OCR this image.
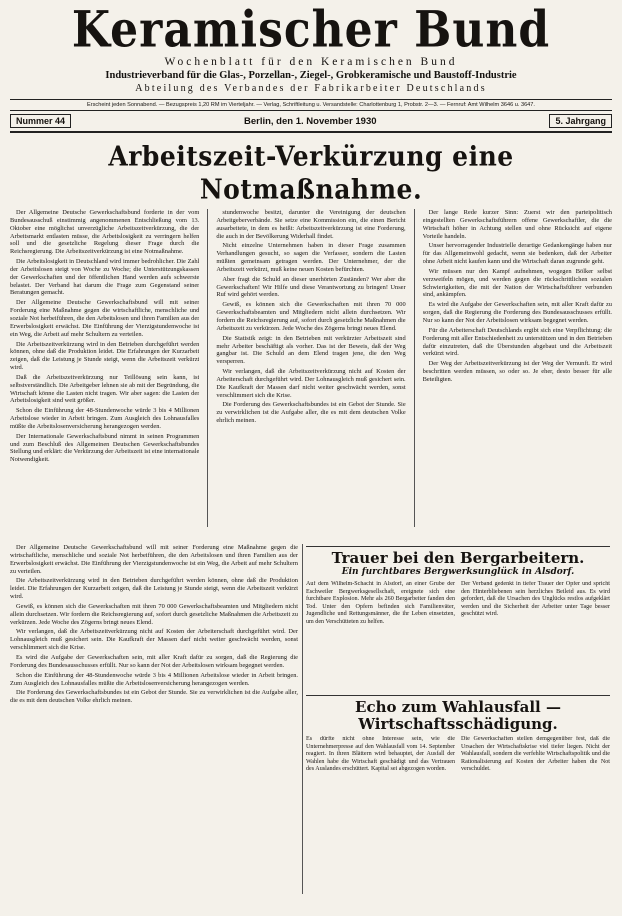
Keramischer Bund
Wochenblatt für den Keramischen Bund
Industrieverband für die Glas-, Porzellan-, Ziegel-, Grobkeramische und Baustoff-Industrie
Abteilung des Verbandes der Fabrikarbeiter Deutschlands
Erscheint jeden Sonnabend. — Bezugspreis 1,20 RM im Vierteljahr. — Verlag, Schriftleitung u. Versandstelle: Charlottenburg 1, Probstr. 2—3. — Fernruf: Amt Wilhelm 3646 u. 3647.
Nummer 44	Berlin, den 1. November 1930	5. Jahrgang
Arbeitszeit-Verkürzung eine Notmaßnahme.

Der Allgemeine Deutsche Gewerkschaftsbund forderte in der vom Bundesausschuß einstimmig angenommenen Entschließung vom 13. Oktober eine möglichst unverzügliche Arbeitszeitverkürzung, die der Arbeitsmarkt entlasten müsse, die Arbeitslosigkeit zu verringern helfen soll und die gesetzliche Regelung dieser Frage durch die Reichsregierung. Die Arbeitszeitverkürzung ist eine Notmaßnahme.

Die Arbeitslosigkeit in Deutschland wird immer bedrohlicher. Die Zahl der Arbeitslosen steigt von Woche zu Woche; die Unterstützungskassen der Gewerkschaften und der öffentlichen Hand werden aufs schwerste belastet. Der Verband hat darum die Frage zum Gegenstand seiner Beratungen gemacht.

Der Allgemeine Deutsche Gewerkschaftsbund will mit seiner Forderung eine Maßnahme gegen die wirtschaftliche, menschliche und soziale Not herbeiführen, die den Arbeitslosen und ihren Familien aus der Erwerbslosigkeit erwächst. Die Einführung der Vierzigstundenwoche ist ein Weg, die Arbeit auf mehr Schultern zu verteilen.

Die Arbeitszeitverkürzung wird in den Betrieben durchgeführt werden können, ohne daß die Produktion leidet. Die Erfahrungen der Kurzarbeit zeigen, daß die Leistung je Stunde steigt, wenn die Arbeitszeit verkürzt wird.

Daß die Arbeitszeitverkürzung nur Teillösung sein kann, ist selbstverständlich. Die Arbeitgeber lehnen sie ab mit der Begründung, die Wirtschaft könne die Lasten nicht tragen. Wir aber sagen: die Lasten der Arbeitslosigkeit sind weit größer.

Schon die Einführung der 48-Stundenwoche würde 3 bis 4 Millionen Arbeitslose wieder in Arbeit bringen. Zum Ausgleich des Lohnausfalles müßte die Arbeitslosenversicherung herangezogen werden.

Der Internationale Gewerkschaftsbund nimmt in seinen Programmen und zum Beschluß des Allgemeinen Deutschen Gewerkschaftsbundes Stellung und erklärt: die Verkürzung der Arbeitszeit ist eine internationale Notwendigkeit.

stundenwoche besitzt, darunter die Vereinigung der deutschen Arbeitgeberverbände. Sie setze eine Kommission ein, die einen Bericht ausarbeitete, in dem es heißt: Arbeitszeitverkürzung ist eine Forderung, die auch in der Bevölkerung Widerhall findet.

Nicht einzelne Unternehmen haben in dieser Frage zusammen Verhandlungen gesucht, so sagen die Verfasser, sondern die Lasten müßten gemeinsam getragen werden. Der Unternehmer, der die Arbeitszeit verkürzt, muß keine neuen Kosten befürchten.

Aber fragt die Schuld an dieser unerhörten Zuständen? Wer aber die Gewerkschaften! Wir Hilfe und diese Verantwortung zu bringen! Unser Ruf wird gehört werden.

Gewiß, es können sich die Gewerkschaften mit ihren 70 000 Gewerkschaftsbeamten und Mitgliedern nicht allein durchsetzen. Wir fordern die Reichsregierung auf, sofort durch gesetzliche Maßnahmen die Arbeitszeit zu verkürzen. Jede Woche des Zögerns bringt neues Elend.

Die Statistik zeigt: in den Betrieben mit verkürzter Arbeitszeit sind mehr Arbeiter beschäftigt als vorher. Das ist der Beweis, daß der Weg gangbar ist. Die Schuld an dem Elend tragen jene, die den Weg versperren.

Wir verlangen, daß die Arbeitszeitverkürzung nicht auf Kosten der Arbeiterschaft durchgeführt wird. Der Lohnausgleich muß gesichert sein. Die Kaufkraft der Massen darf nicht weiter geschwächt werden, sonst verschlimmert sich die Krise.

Die Forderung des Gewerkschaftsbundes ist ein Gebot der Stunde. Sie zu verwirklichen ist die Aufgabe aller, die es mit dem deutschen Volke ehrlich meinen.

Der lange Rede kurzer Sinn: Zuerst wir den parteipolitisch eingestellten Gewerkschaftsführern offene Gewerkschaftler, die die Wirtschaft höher in Achtung stellen und ohne Rücksicht auf eigene Vorteile handeln.

Unser hervorragender Industrielle derartige Gedankengänge haben nur für das Allgemeinwohl gedacht, wenn sie bedenken, daß der Arbeiter ohne Arbeit nicht kaufen kann und die Wirtschaft daran zugrunde geht.

Wir müssen nur den Kampf aufnehmen, wogegen Bölker selbst verzweifeln mögen, und werden gegen die rückschrittlichen sozialen Schwierigkeiten, die mit der Nation der Wirtschaftsführer verbunden sind, ankämpfen.

Es wird die Aufgabe der Gewerkschaften sein, mit aller Kraft dafür zu sorgen, daß die Regierung die Forderung des Bundesausschusses erfüllt. Nur so kann der Not der Arbeitslosen wirksam begegnet werden.

Für die Arbeiterschaft Deutschlands ergibt sich eine Verpflichtung: die Forderung mit aller Entschiedenheit zu unterstützen und in den Betrieben dafür einzutreten, daß die Überstunden abgebaut und die Arbeitszeit verkürzt wird.

Der Weg der Arbeitszeitverkürzung ist der Weg der Vernunft. Er wird beschritten werden müssen, so oder so. Je eher, desto besser für alle Beteiligten.

Der Allgemeine Deutsche Gewerkschaftsbund will mit seiner Forderung eine Maßnahme gegen die wirtschaftliche, menschliche und soziale Not herbeiführen, die den Arbeitslosen und ihren Familien aus der Erwerbslosigkeit erwächst. Die Einführung der Vierzigstundenwoche ist ein Weg, die Arbeit auf mehr Schultern zu verteilen.

Die Arbeitszeitverkürzung wird in den Betrieben durchgeführt werden können, ohne daß die Produktion leidet. Die Erfahrungen der Kurzarbeit zeigen, daß die Leistung je Stunde steigt, wenn die Arbeitszeit verkürzt wird.

Gewiß, es können sich die Gewerkschaften mit ihren 70 000 Gewerkschaftsbeamten und Mitgliedern nicht allein durchsetzen. Wir fordern die Reichsregierung auf, sofort durch gesetzliche Maßnahmen die Arbeitszeit zu verkürzen. Jede Woche des Zögerns bringt neues Elend.

Wir verlangen, daß die Arbeitszeitverkürzung nicht auf Kosten der Arbeiterschaft durchgeführt wird. Der Lohnausgleich muß gesichert sein. Die Kaufkraft der Massen darf nicht weiter geschwächt werden, sonst verschlimmert sich die Krise.

Es wird die Aufgabe der Gewerkschaften sein, mit aller Kraft dafür zu sorgen, daß die Regierung die Forderung des Bundesausschusses erfüllt. Nur so kann der Not der Arbeitslosen wirksam begegnet werden.

Schon die Einführung der 48-Stundenwoche würde 3 bis 4 Millionen Arbeitslose wieder in Arbeit bringen. Zum Ausgleich des Lohnausfalles müßte die Arbeitslosenversicherung herangezogen werden.

Die Forderung des Gewerkschaftsbundes ist ein Gebot der Stunde. Sie zu verwirklichen ist die Aufgabe aller, die es mit dem deutschen Volke ehrlich meinen.

Trauer bei den Bergarbeitern.
Ein furchtbares Bergwerksunglück in Alsdorf.
Auf dem Wilhelm-Schacht in Alsdorf, an einer Grube der Eschweiler Bergwerksgesellschaft, ereignete sich eine furchtbare Explosion. Mehr als 260 Bergarbeiter fanden den Tod. Unter den Opfern befinden sich Familienväter, Jugendliche und Rettungsmänner, die ihr Leben einsetzten, um den Verschütteten zu helfen.
Der Verband gedenkt in tiefer Trauer der Opfer und spricht den Hinterbliebenen sein herzliches Beileid aus. Es wird gefordert, daß die Ursachen des Unglücks restlos aufgeklärt werden und die Sicherheit der Arbeiter unter Tage besser geschützt wird.
Echo zum Wahlausfall — Wirtschaftsschädigung.
Es dürfte nicht ohne Interesse sein, wie die Unternehmerpresse auf den Wahlausfall vom 14. September reagiert. In ihren Blättern wird behauptet, der Ausfall der Wahlen habe die Wirtschaft geschädigt und das Vertrauen des Auslandes erschüttert. Kapital sei abgezogen worden.
Die Gewerkschaften stellen demgegenüber fest, daß die Ursachen der Wirtschaftskrise viel tiefer liegen. Nicht der Wahlausfall, sondern die verfehlte Wirtschaftspolitik und die Rationalisierung auf Kosten der Arbeiter haben die Not verschuldet.
